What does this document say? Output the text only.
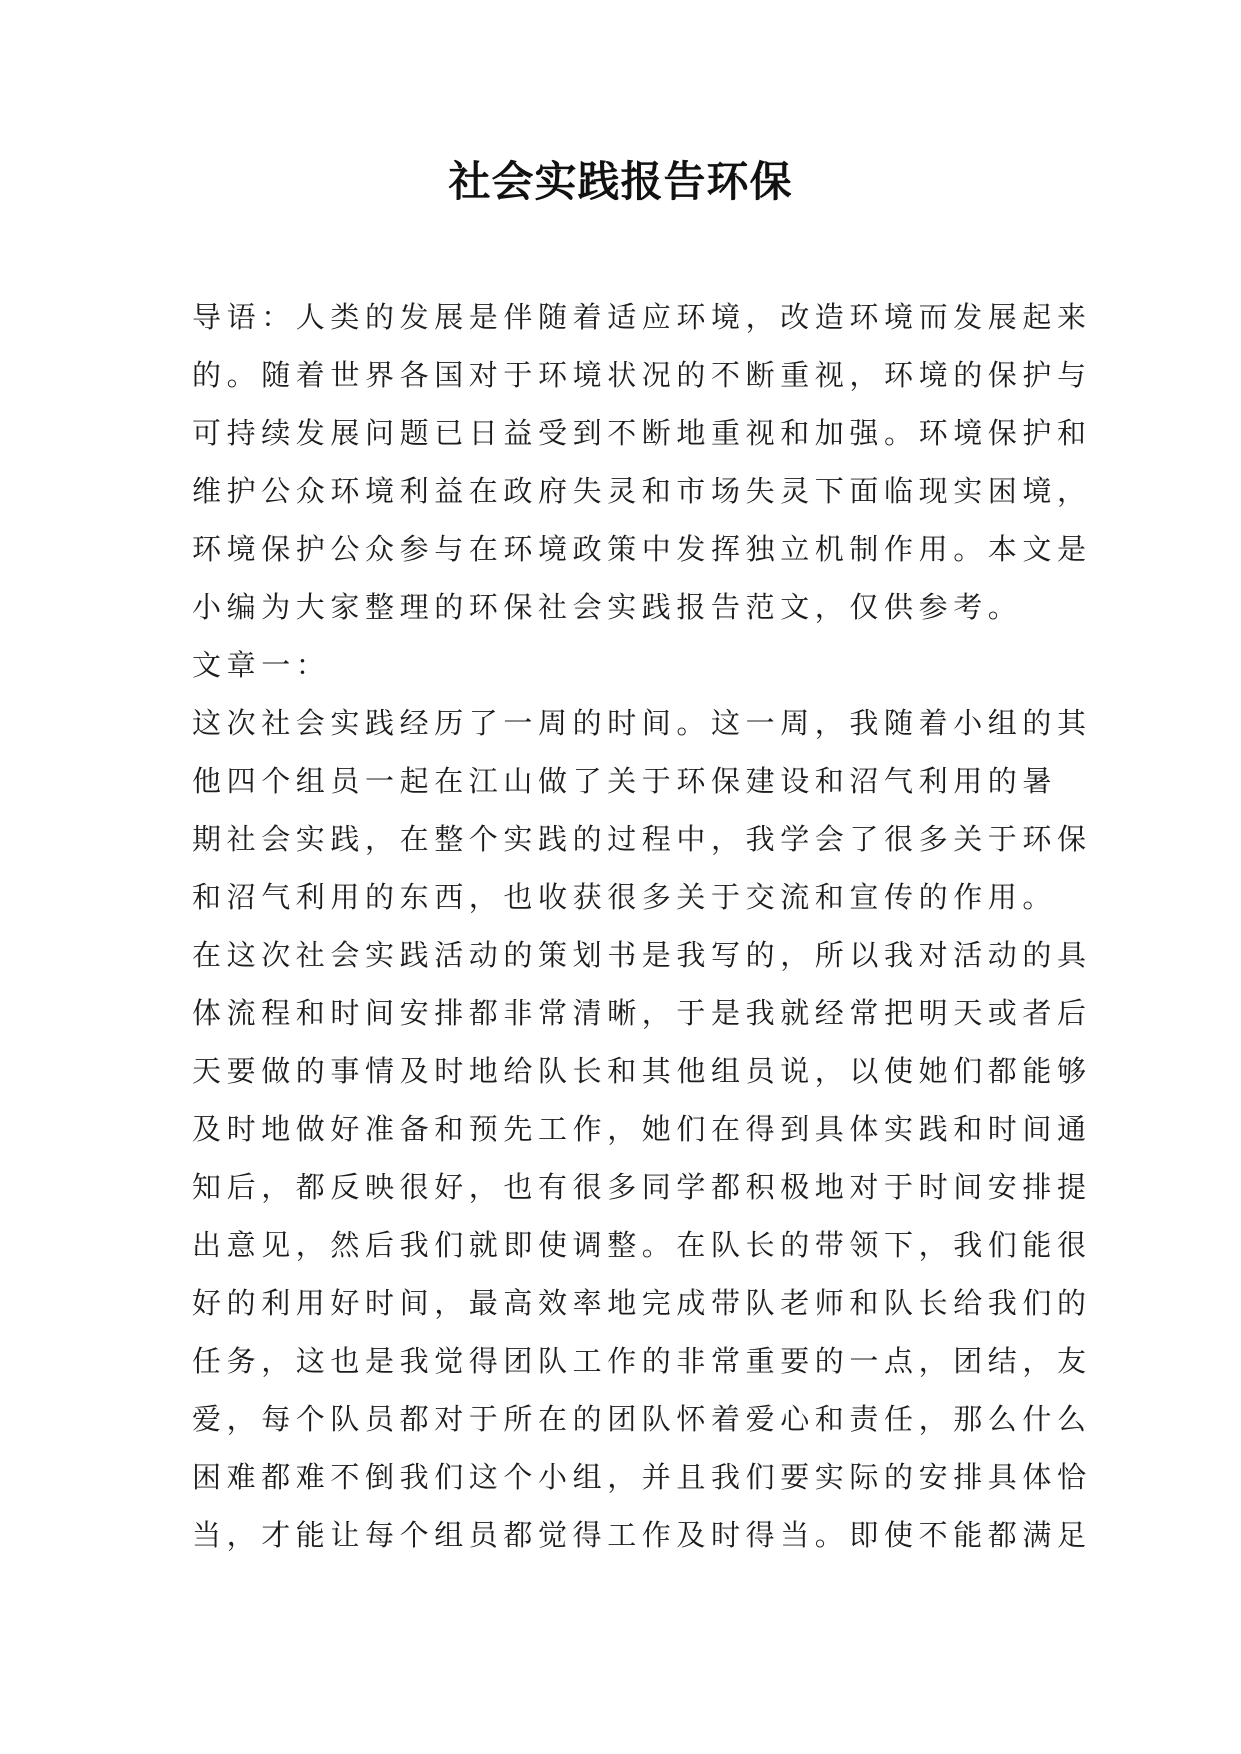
社会实践报告环保
导语：人类的发展是伴随着适应环境，改造环境而发展起来
的。随着世界各国对于环境状况的不断重视，环境的保护与
可持续发展问题已日益受到不断地重视和加强。环境保护和
维护公众环境利益在政府失灵和市场失灵下面临现实困境，
环境保护公众参与在环境政策中发挥独立机制作用。本文是
小编为大家整理的环保社会实践报告范文，仅供参考。
文章一：
这次社会实践经历了一周的时间。这一周，我随着小组的其
他四个组员一起在江山做了关于环保建设和沼气利用的暑
期社会实践，在整个实践的过程中，我学会了很多关于环保
和沼气利用的东西，也收获很多关于交流和宣传的作用。
在这次社会实践活动的策划书是我写的，所以我对活动的具
体流程和时间安排都非常清晰，于是我就经常把明天或者后
天要做的事情及时地给队长和其他组员说，以使她们都能够
及时地做好准备和预先工作，她们在得到具体实践和时间通
知后，都反映很好，也有很多同学都积极地对于时间安排提
出意见，然后我们就即使调整。在队长的带领下，我们能很
好的利用好时间，最高效率地完成带队老师和队长给我们的
任务，这也是我觉得团队工作的非常重要的一点，团结，友
爱，每个队员都对于所在的团队怀着爱心和责任，那么什么
困难都难不倒我们这个小组，并且我们要实际的安排具体恰
当，才能让每个组员都觉得工作及时得当。即使不能都满足
